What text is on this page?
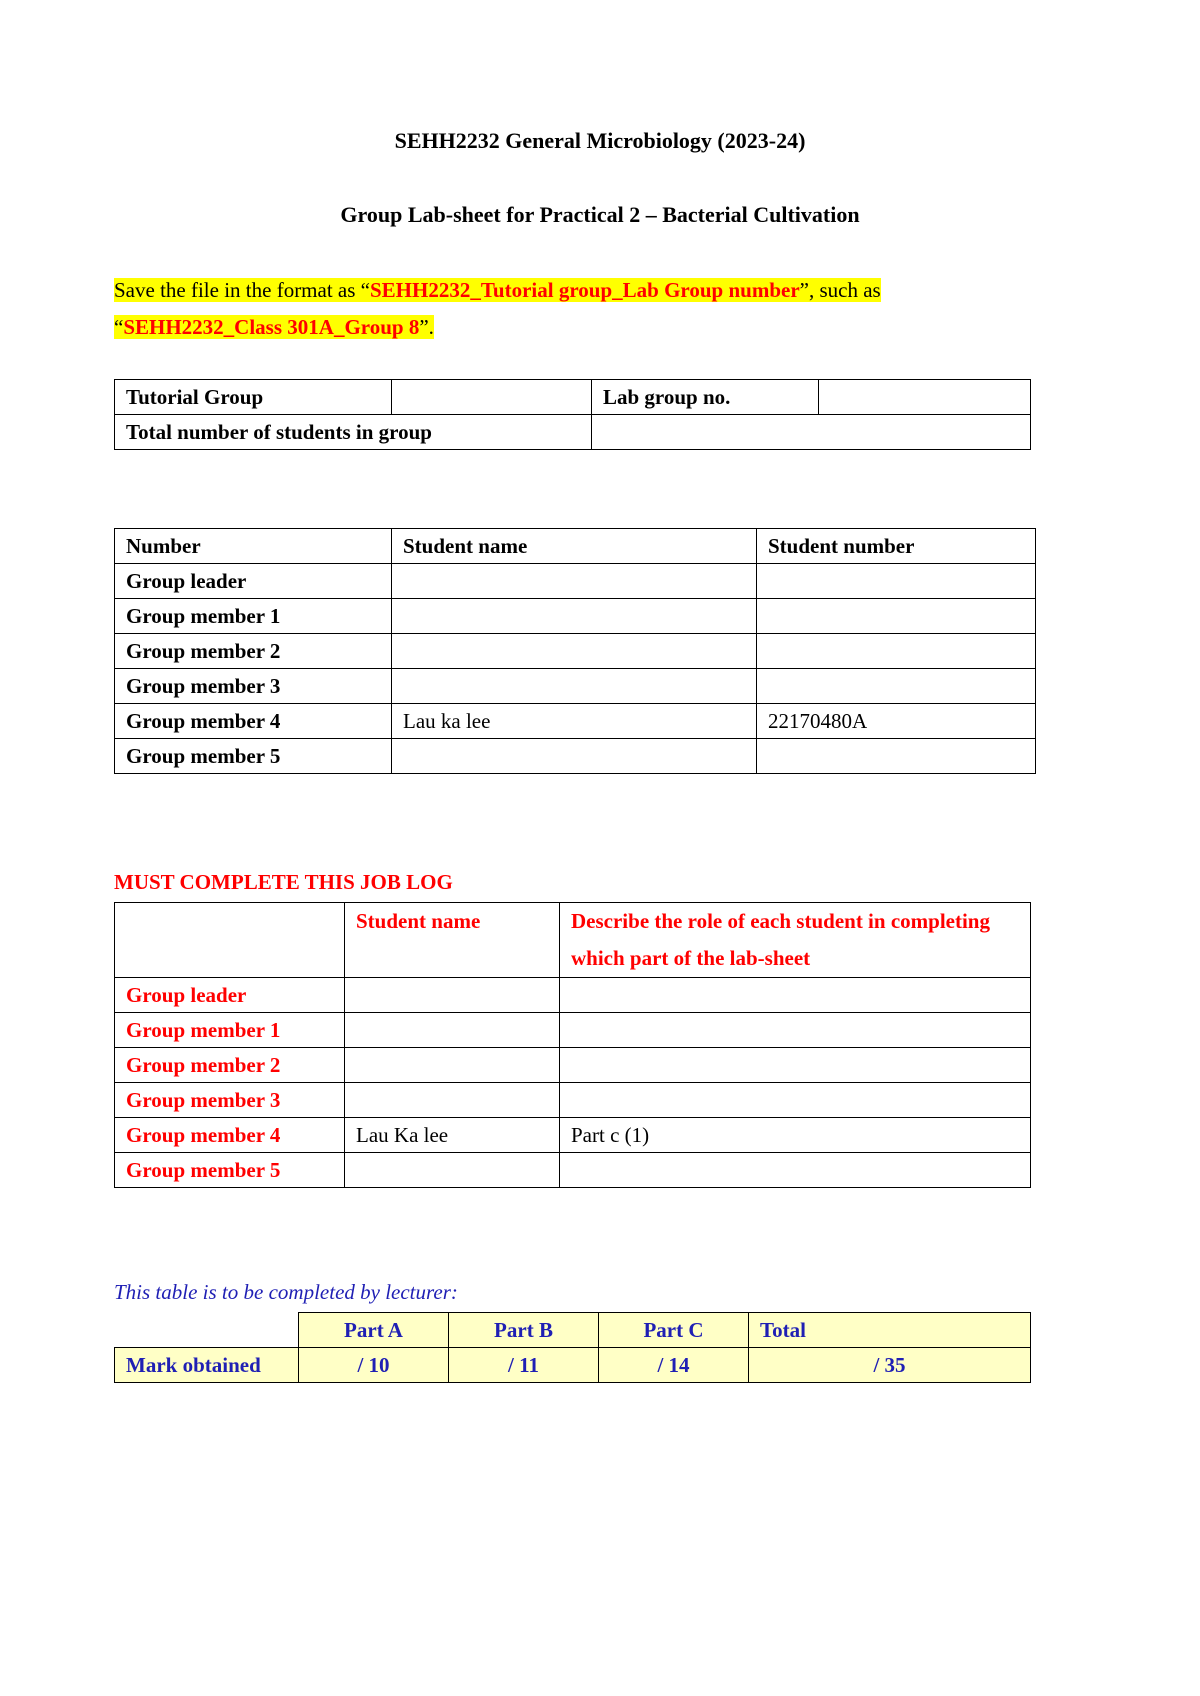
SEHH2232 General Microbiology (2023-24)
Group Lab-sheet for Practical 2 – Bacterial Cultivation
Save the file in the format as “SEHH2232_Tutorial group_Lab Group number”, such as
“SEHH2232_Class 301A_Group 8”.
Tutorial Group		Lab group no.	
Total number of students in group			
Number	Student name	Student number
Group leader		
Group member 1		
Group member 2		
Group member 3		
Group member 4	Lau ka lee	22170480A
Group member 5		
MUST COMPLETE THIS JOB LOG
	Student name	Describe the role of each student in completing which part of the lab-sheet
Group leader		
Group member 1		
Group member 2		
Group member 3		
Group member 4	Lau Ka lee	Part c (1)
Group member 5		
This table is to be completed by lecturer:
	Part A	Part B	Part C	Total
Mark obtained	/ 10	/ 11	/ 14	/ 35
